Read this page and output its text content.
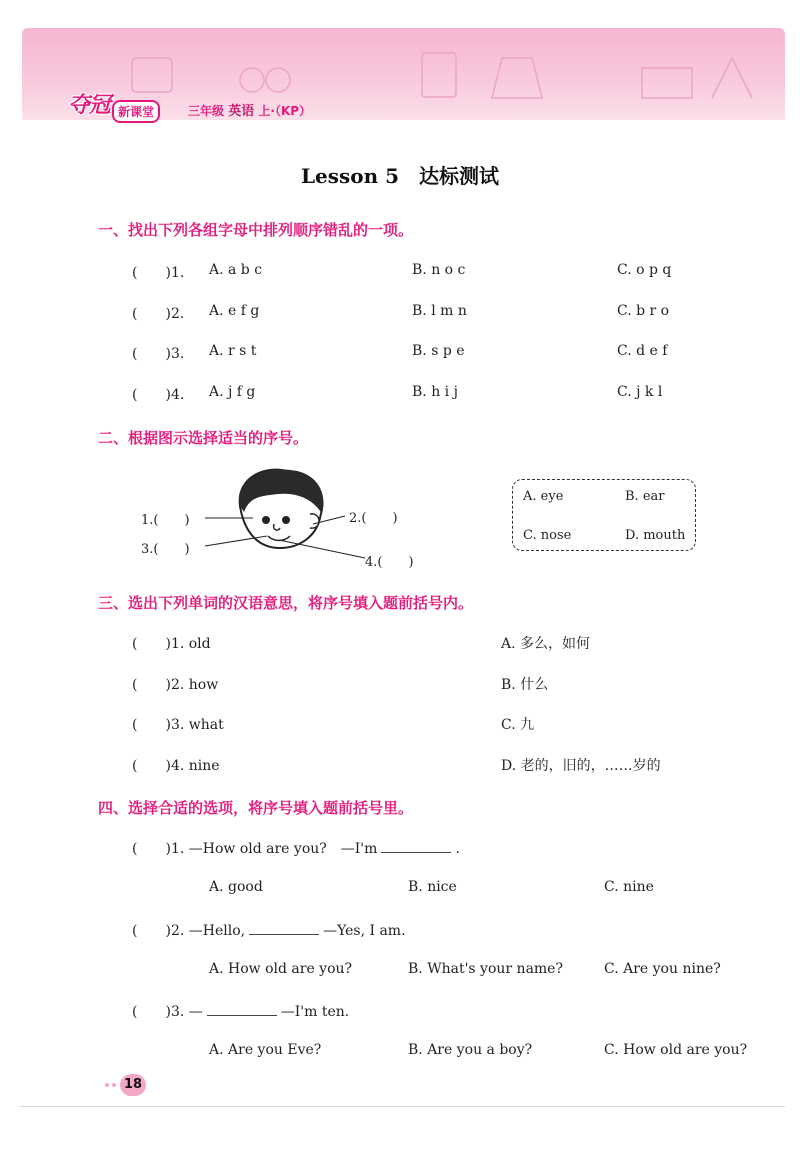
夺冠 新课堂	三年级 英语 上·（KP）
Lesson 5　达标测试
一、找出下列各组字母中排列顺序错乱的一项。
(　　)1. A. a b c	B. n o c	C. o p q
(　　)2. A. e f g	B. l m n	C. b r o
(　　)3. A. r s t	B. s p e	C. d e f
(　　)4. A. j f g	B. h i j	C. j k l
二、根据图示选择适当的序号。
1.(　　)	2.(　　)
3.(　　)
4.(　　)
A. eye	B. ear
C. nose	D. mouth
三、选出下列单词的汉语意思，将序号填入题前括号内。
(　　)1. old	A. 多么，如何
(　　)2. how	B. 什么
(　　)3. what	C. 九
(　　)4. nine	D. 老的，旧的，……岁的
四、选择合适的选项，将序号填入题前括号里。
(　　)1. —How old are you?　—I'm	.
A. good	B. nice	C. nine
(　　)2. —Hello,	—Yes, I am.
A. How old are you?	B. What's your name?	C. Are you nine?
(　　)3. —	—I'm ten.
A. Are you Eve?	B. Are you a boy?	C. How old are you?
18
